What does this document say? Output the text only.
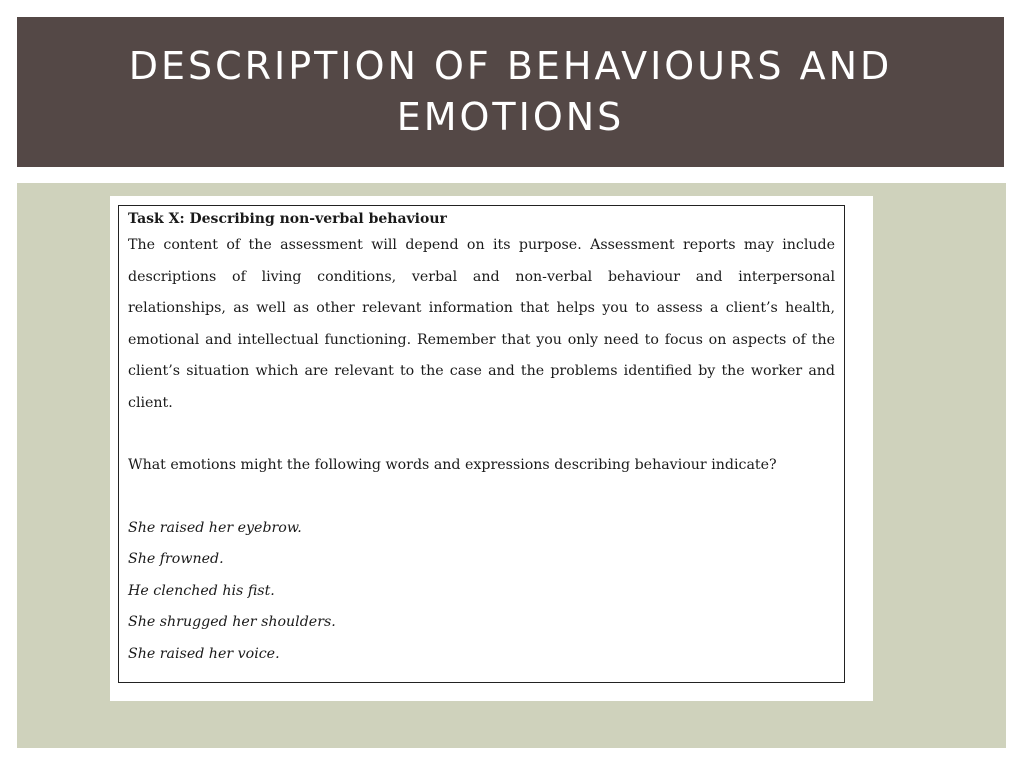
DESCRIPTION OF BEHAVIOURS AND EMOTIONS

Task X: Describing non-verbal behaviour

The content of the assessment will depend on its purpose. Assessment reports may include descriptions of living conditions, verbal and non-verbal behaviour and interpersonal relationships, as well as other relevant information that helps you to assess a client’s health, emotional and intellectual functioning. Remember that you only need to focus on aspects of the client’s situation which are relevant to the case and the problems identified by the worker and client.

What emotions might the following words and expressions describing behaviour indicate?

She raised her eyebrow.
She frowned.
He clenched his fist.
She shrugged her shoulders.
She raised her voice.
